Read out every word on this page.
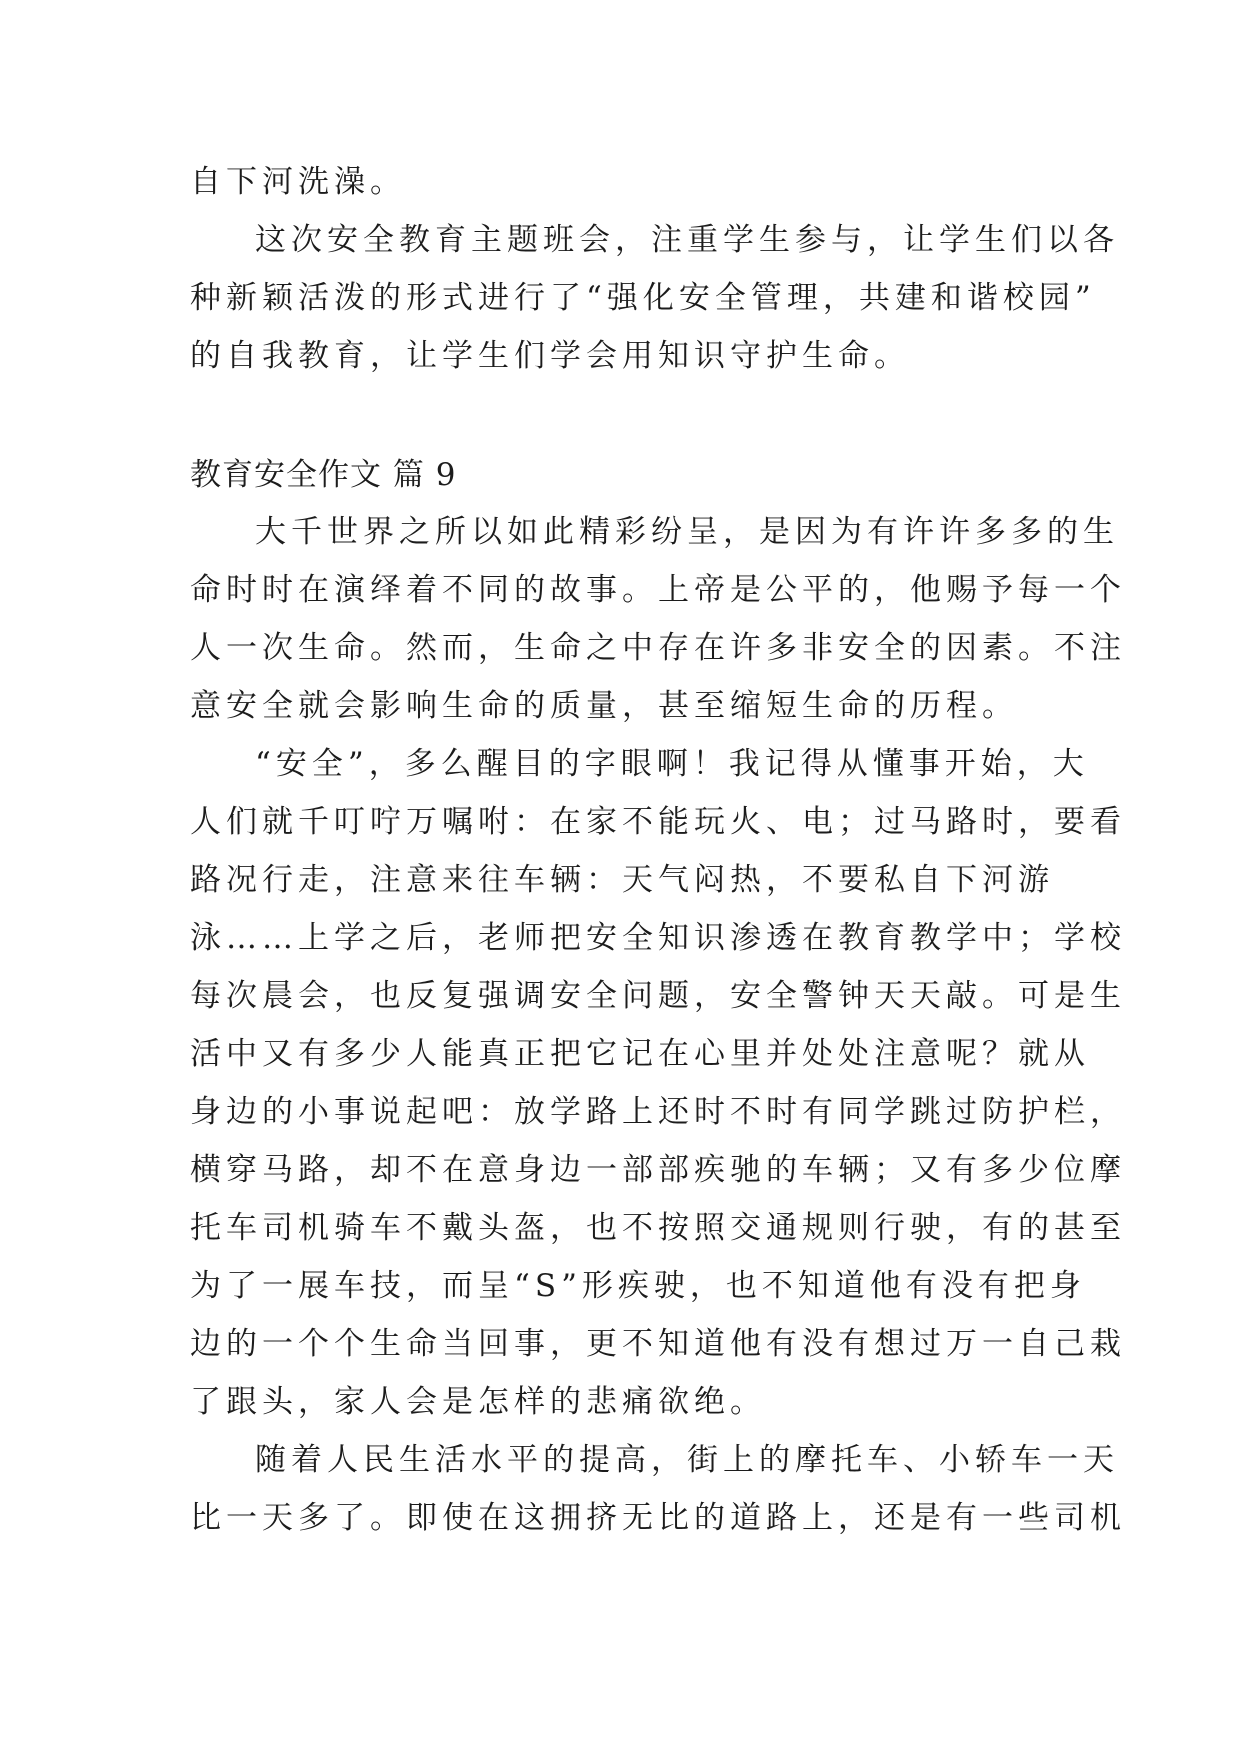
自下河洗澡。

这次安全教育主题班会，注重学生参与，让学生们以各

种新颖活泼的形式进行了“强化安全管理，共建和谐校园”

的自我教育，让学生们学会用知识守护生命。

教育安全作文 篇 9

大千世界之所以如此精彩纷呈，是因为有许许多多的生

命时时在演绎着不同的故事。上帝是公平的，他赐予每一个

人一次生命。然而，生命之中存在许多非安全的因素。不注

意安全就会影响生命的质量，甚至缩短生命的历程。

“安全”，多么醒目的字眼啊！我记得从懂事开始，大

人们就千叮咛万嘱咐：在家不能玩火、电；过马路时，要看

路况行走，注意来往车辆：天气闷热，不要私自下河游

泳……上学之后，老师把安全知识渗透在教育教学中；学校

每次晨会，也反复强调安全问题，安全警钟天天敲。可是生

活中又有多少人能真正把它记在心里并处处注意呢？就从

身边的小事说起吧：放学路上还时不时有同学跳过防护栏，

横穿马路，却不在意身边一部部疾驰的车辆；又有多少位摩

托车司机骑车不戴头盔，也不按照交通规则行驶，有的甚至

为了一展车技，而呈“S”形疾驶，也不知道他有没有把身

边的一个个生命当回事，更不知道他有没有想过万一自己栽

了跟头，家人会是怎样的悲痛欲绝。

随着人民生活水平的提高，街上的摩托车、小轿车一天

比一天多了。即使在这拥挤无比的道路上，还是有一些司机
